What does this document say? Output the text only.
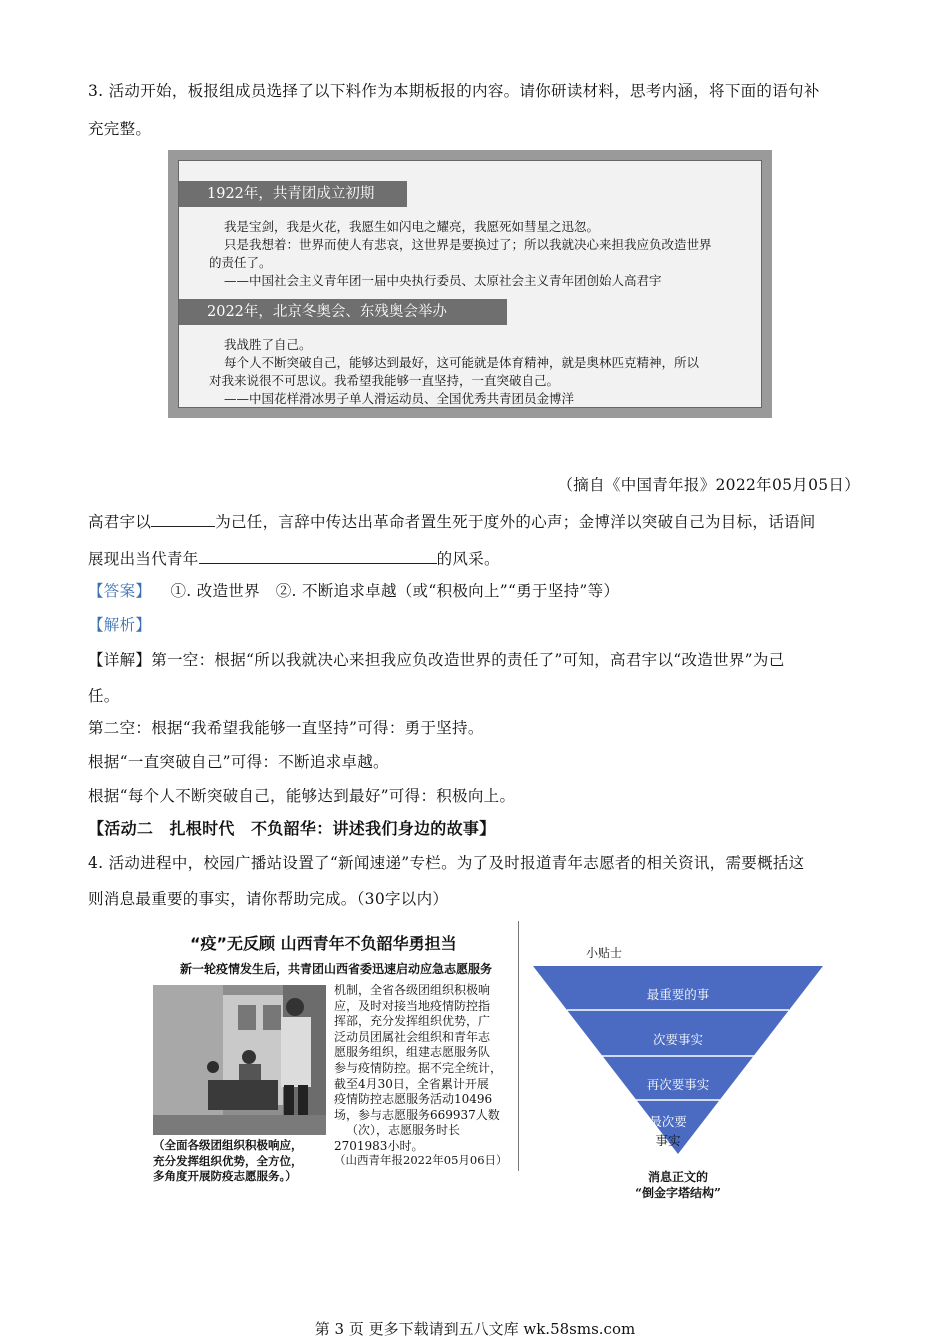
3. 活动开始，板报组成员选择了以下料作为本期板报的内容。请你研读材料，思考内涵，将下面的语句补
充完整。
1922年，共青团成立初期
我是宝剑，我是火花，我愿生如闪电之耀亮，我愿死如彗星之迅忽。
只是我想着：世界而使人有悲哀，这世界是要换过了；所以我就决心来担我应负改造世界
的责任了。
——中国社会主义青年团一届中央执行委员、太原社会主义青年团创始人高君宇
2022年，北京冬奥会、东残奥会举办
我战胜了自己。
每个人不断突破自己，能够达到最好，这可能就是体育精神，就是奥林匹克精神，所以
对我来说很不可思议。我希望我能够一直坚持，一直突破自己。
——中国花样滑冰男子单人滑运动员、全国优秀共青团员金博洋
（摘自《中国青年报》2022年05月05日）
高君宇以	为己任，言辞中传达出革命者置生死于度外的心声；金博洋以突破自己为目标，话语间
展现出当代青年	的风采。
【答案】 ①. 改造世界　②. 不断追求卓越（或“积极向上”“勇于坚持”等）
【解析】
【详解】第一空：根据“所以我就决心来担我应负改造世界的责任了”可知，高君宇以“改造世界”为己
任。
第二空：根据“我希望我能够一直坚持”可得：勇于坚持。
根据“一直突破自己”可得：不断追求卓越。
根据“每个人不断突破自己，能够达到最好”可得：积极向上。
【活动二　扎根时代　不负韶华：讲述我们身边的故事】
4. 活动进程中，校园广播站设置了“新闻速递”专栏。为了及时报道青年志愿者的相关资讯，需要概括这
则消息最重要的事实，请你帮助完成。（30字以内）
“疫”无反顾 山西青年不负韶华勇担当
新一轮疫情发生后，共青团山西省委迅速启动应急志愿服务
机制，全省各级团组织积极响
应，及时对接当地疫情防控指
挥部，充分发挥组织优势，广
泛动员团属社会组织和青年志
愿服务组织，组建志愿服务队
参与疫情防控。据不完全统计，
截至4月30日，全省累计开展
疫情防控志愿服务活动10496
场，参与志愿服务669937人数
（次），志愿服务时长
2701983小时。
（全面各级团组织积极响应，
充分发挥组织优势，全方位，
多角度开展防疫志愿服务。）
（山西青年报2022年05月06日）
小贴士
最重要的事
次要事实
再次要事实
最次要
事实
消息正文的
“倒金字塔结构”
第 3 页 更多下载请到五八文库 wk.58sms.com
